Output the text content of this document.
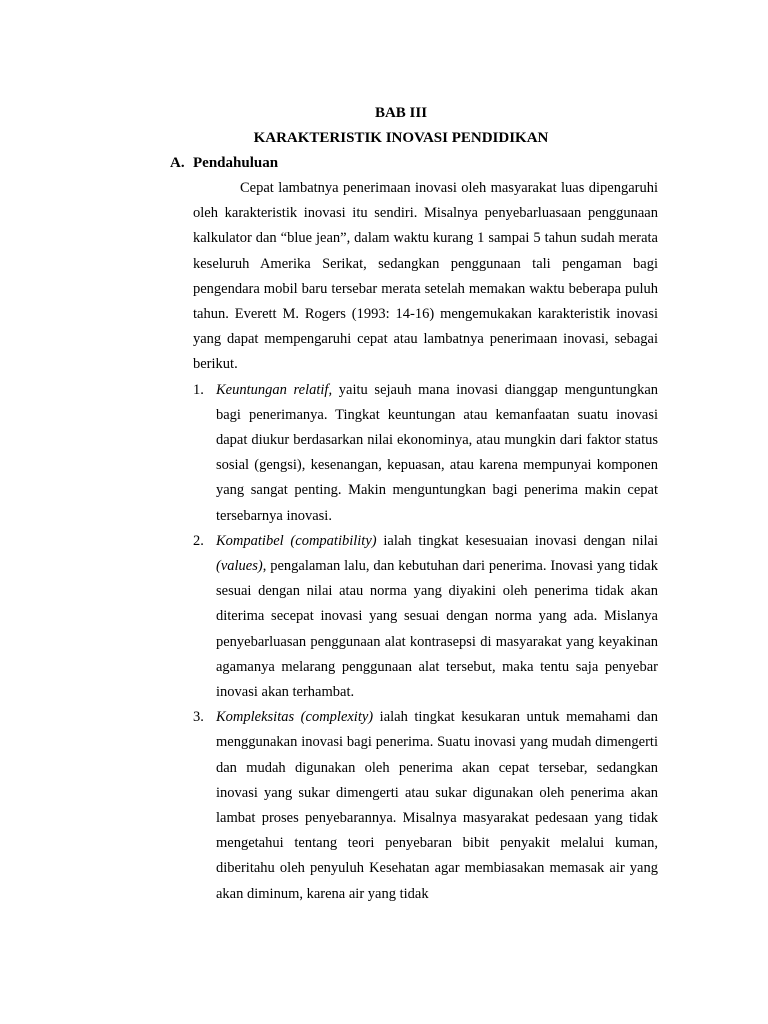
BAB III
KARAKTERISTIK INOVASI PENDIDIKAN
A. Pendahuluan

Cepat lambatnya penerimaan inovasi oleh masyarakat luas dipengaruhi oleh karakteristik inovasi itu sendiri. Misalnya penyebarluasaan penggunaan kalkulator dan “blue jean”, dalam waktu kurang 1 sampai 5 tahun sudah merata keseluruh Amerika Serikat, sedangkan penggunaan tali pengaman bagi pengendara mobil baru tersebar merata setelah memakan waktu beberapa puluh tahun. Everett M. Rogers (1993: 14-16) mengemukakan karakteristik inovasi yang dapat mempengaruhi cepat atau lambatnya penerimaan inovasi, sebagai berikut.

1. Keuntungan relatif, yaitu sejauh mana inovasi dianggap menguntungkan bagi penerimanya. Tingkat keuntungan atau kemanfaatan suatu inovasi dapat diukur berdasarkan nilai ekonominya, atau mungkin dari faktor status sosial (gengsi), kesenangan, kepuasan, atau karena mempunyai komponen yang sangat penting. Makin menguntungkan bagi penerima makin cepat tersebarnya inovasi.
2. Kompatibel (compatibility) ialah tingkat kesesuaian inovasi dengan nilai (values), pengalaman lalu, dan kebutuhan dari penerima. Inovasi yang tidak sesuai dengan nilai atau norma yang diyakini oleh penerima tidak akan diterima secepat inovasi yang sesuai dengan norma yang ada. Mislanya penyebarluasan penggunaan alat kontrasepsi di masyarakat yang keyakinan agamanya melarang penggunaan alat tersebut, maka tentu saja penyebar inovasi akan terhambat.
3. Kompleksitas (complexity) ialah tingkat kesukaran untuk memahami dan menggunakan inovasi bagi penerima. Suatu inovasi yang mudah dimengerti dan mudah digunakan oleh penerima akan cepat tersebar, sedangkan inovasi yang sukar dimengerti atau sukar digunakan oleh penerima akan lambat proses penyebarannya. Misalnya masyarakat pedesaan yang tidak mengetahui tentang teori penyebaran bibit penyakit melalui kuman, diberitahu oleh penyuluh Kesehatan agar membiasakan memasak air yang akan diminum, karena air yang tidak
